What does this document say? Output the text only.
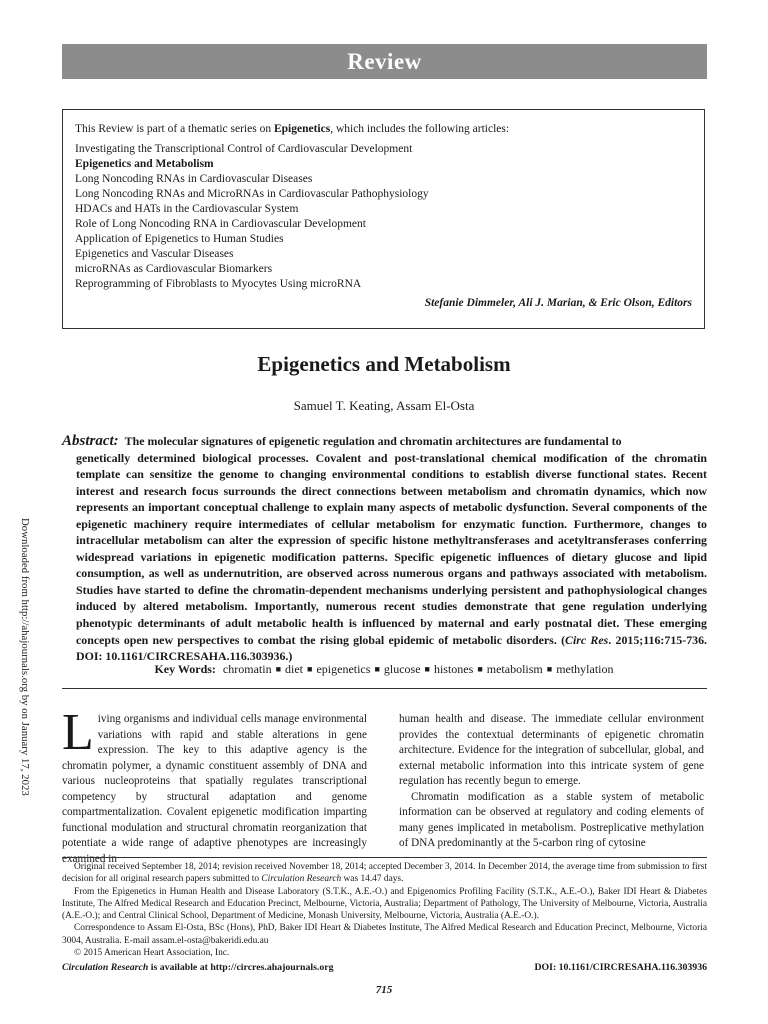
Review
This Review is part of a thematic series on Epigenetics, which includes the following articles:
Investigating the Transcriptional Control of Cardiovascular Development
Epigenetics and Metabolism
Long Noncoding RNAs in Cardiovascular Diseases
Long Noncoding RNAs and MicroRNAs in Cardiovascular Pathophysiology
HDACs and HATs in the Cardiovascular System
Role of Long Noncoding RNA in Cardiovascular Development
Application of Epigenetics to Human Studies
Epigenetics and Vascular Diseases
microRNAs as Cardiovascular Biomarkers
Reprogramming of Fibroblasts to Myocytes Using microRNA
Stefanie Dimmeler, Ali J. Marian, & Eric Olson, Editors
Epigenetics and Metabolism
Samuel T. Keating, Assam El-Osta
Abstract: The molecular signatures of epigenetic regulation and chromatin architectures are fundamental to
genetically determined biological processes. Covalent and post-translational chemical modification of the chromatin template can sensitize the genome to changing environmental conditions to establish diverse functional states. Recent interest and research focus surrounds the direct connections between metabolism and chromatin dynamics, which now represents an important conceptual challenge to explain many aspects of metabolic dysfunction. Several components of the epigenetic machinery require intermediates of cellular metabolism for enzymatic function. Furthermore, changes to intracellular metabolism can alter the expression of specific histone methyltransferases and acetyltransferases conferring widespread variations in epigenetic modification patterns. Specific epigenetic influences of dietary glucose and lipid consumption, as well as undernutrition, are observed across numerous organs and pathways associated with metabolism. Studies have started to define the chromatin-dependent mechanisms underlying persistent and pathophysiological changes induced by altered metabolism. Importantly, numerous recent studies demonstrate that gene regulation underlying phenotypic determinants of adult metabolic health is influenced by maternal and early postnatal diet. These emerging concepts open new perspectives to combat the rising global epidemic of metabolic disorders. (Circ Res. 2015;116:715-736. DOI: 10.1161/CIRCRESAHA.116.303936.)
Key Words: chromatin ■ diet ■ epigenetics ■ glucose ■ histones ■ metabolism ■ methylation
L iving organisms and individual cells manage environmental variations with rapid and stable alterations in gene expression. The key to this adaptive agency is the chromatin polymer, a dynamic constituent assembly of DNA and various nucleoproteins that spatially regulates transcriptional competency by structural adaptation and genome compartmentalization. Covalent epigenetic modification imparting functional modulation and structural chromatin reorganization that potentiate a wide range of adaptive phenotypes are increasingly examined in

human health and disease. The immediate cellular environment provides the contextual determinants of epigenetic chromatin architecture. Evidence for the integration of subcellular, global, and external metabolic information into this intricate system of gene regulation has recently begun to emerge.

Chromatin modification as a stable system of metabolic information can be observed at regulatory and coding elements of many genes implicated in metabolism. Postreplicative methylation of DNA predominantly at the 5-carbon ring of cytosine

Original received September 18, 2014; revision received November 18, 2014; accepted December 3, 2014. In December 2014, the average time from submission to first decision for all original research papers submitted to Circulation Research was 14.47 days.

From the Epigenetics in Human Health and Disease Laboratory (S.T.K., A.E.-O.) and Epigenomics Profiling Facility (S.T.K., A.E.-O.), Baker IDI Heart & Diabetes Institute, The Alfred Medical Research and Education Precinct, Melbourne, Victoria, Australia; Department of Pathology, The University of Melbourne, Victoria, Australia (A.E.-O.); and Central Clinical School, Department of Medicine, Monash University, Melbourne, Victoria, Australia (A.E.-O.).

Correspondence to Assam El-Osta, BSc (Hons), PhD, Baker IDI Heart & Diabetes Institute, The Alfred Medical Research and Education Precinct, Melbourne, Victoria 3004, Australia. E-mail assam.el-osta@bakeridi.edu.au

© 2015 American Heart Association, Inc.

Circulation Research is available at http://circres.ahajournals.org	DOI: 10.1161/CIRCRESAHA.116.303936
715
Downloaded from http://ahajournals.org by on January 17, 2023
